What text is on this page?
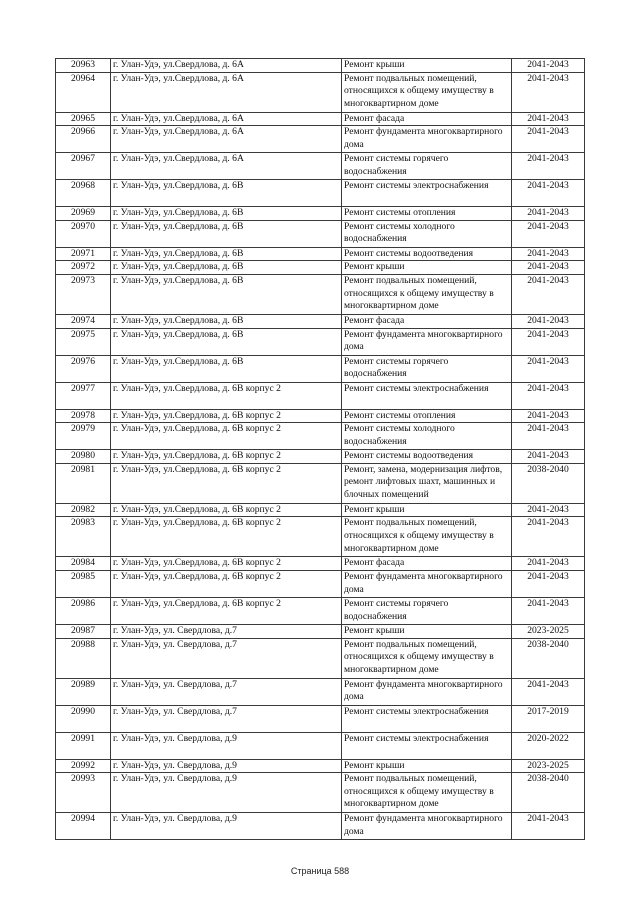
20963	г. Улан-Удэ, ул.Свердлова, д. 6А	Ремонт крыши	2041-2043
20964	г. Улан-Удэ, ул.Свердлова, д. 6А	Ремонт подвальных помещений, относящихся к общему имуществу в многоквартирном доме	2041-2043
20965	г. Улан-Удэ, ул.Свердлова, д. 6А	Ремонт фасада	2041-2043
20966	г. Улан-Удэ, ул.Свердлова, д. 6А	Ремонт фундамента многоквартирного дома	2041-2043
20967	г. Улан-Удэ, ул.Свердлова, д. 6А	Ремонт системы горячего водоснабжения	2041-2043
20968	г. Улан-Удэ, ул.Свердлова, д. 6В	Ремонт системы электроснабжения	2041-2043
20969	г. Улан-Удэ, ул.Свердлова, д. 6В	Ремонт системы отопления	2041-2043
20970	г. Улан-Удэ, ул.Свердлова, д. 6В	Ремонт системы холодного водоснабжения	2041-2043
20971	г. Улан-Удэ, ул.Свердлова, д. 6В	Ремонт системы водоотведения	2041-2043
20972	г. Улан-Удэ, ул.Свердлова, д. 6В	Ремонт крыши	2041-2043
20973	г. Улан-Удэ, ул.Свердлова, д. 6В	Ремонт подвальных помещений, относящихся к общему имуществу в многоквартирном доме	2041-2043
20974	г. Улан-Удэ, ул.Свердлова, д. 6В	Ремонт фасада	2041-2043
20975	г. Улан-Удэ, ул.Свердлова, д. 6В	Ремонт фундамента многоквартирного дома	2041-2043
20976	г. Улан-Удэ, ул.Свердлова, д. 6В	Ремонт системы горячего водоснабжения	2041-2043
20977	г. Улан-Удэ, ул.Свердлова, д. 6В корпус 2	Ремонт системы электроснабжения	2041-2043
20978	г. Улан-Удэ, ул.Свердлова, д. 6В корпус 2	Ремонт системы отопления	2041-2043
20979	г. Улан-Удэ, ул.Свердлова, д. 6В корпус 2	Ремонт системы холодного водоснабжения	2041-2043
20980	г. Улан-Удэ, ул.Свердлова, д. 6В корпус 2	Ремонт системы водоотведения	2041-2043
20981	г. Улан-Удэ, ул.Свердлова, д. 6В корпус 2	Ремонт, замена, модернизация лифтов, ремонт лифтовых шахт, машинных и блочных помещений	2038-2040
20982	г. Улан-Удэ, ул.Свердлова, д. 6В корпус 2	Ремонт крыши	2041-2043
20983	г. Улан-Удэ, ул.Свердлова, д. 6В корпус 2	Ремонт подвальных помещений, относящихся к общему имуществу в многоквартирном доме	2041-2043
20984	г. Улан-Удэ, ул.Свердлова, д. 6В корпус 2	Ремонт фасада	2041-2043
20985	г. Улан-Удэ, ул.Свердлова, д. 6В корпус 2	Ремонт фундамента многоквартирного дома	2041-2043
20986	г. Улан-Удэ, ул.Свердлова, д. 6В корпус 2	Ремонт системы горячего водоснабжения	2041-2043
20987	г. Улан-Удэ, ул. Свердлова, д.7	Ремонт крыши	2023-2025
20988	г. Улан-Удэ, ул. Свердлова, д.7	Ремонт подвальных помещений, относящихся к общему имуществу в многоквартирном доме	2038-2040
20989	г. Улан-Удэ, ул. Свердлова, д.7	Ремонт фундамента многоквартирного дома	2041-2043
20990	г. Улан-Удэ, ул. Свердлова, д.7	Ремонт системы электроснабжения	2017-2019
20991	г. Улан-Удэ, ул. Свердлова, д.9	Ремонт системы электроснабжения	2020-2022
20992	г. Улан-Удэ, ул. Свердлова, д.9	Ремонт крыши	2023-2025
20993	г. Улан-Удэ, ул. Свердлова, д.9	Ремонт подвальных помещений, относящихся к общему имуществу в многоквартирном доме	2038-2040
20994	г. Улан-Удэ, ул. Свердлова, д.9	Ремонт фундамента многоквартирного дома	2041-2043
Страница 588
